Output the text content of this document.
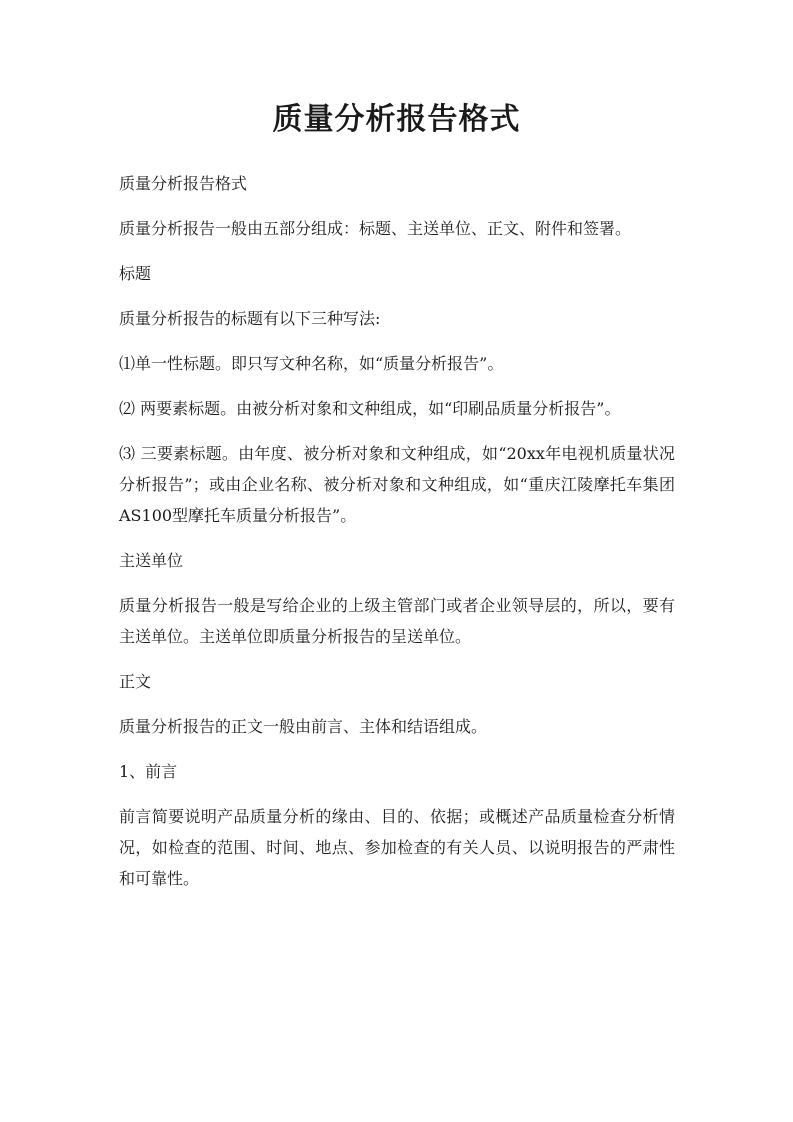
质量分析报告格式

质量分析报告格式

质量分析报告一般由五部分组成：标题、主送单位、正文、附件和签署。

标题

质量分析报告的标题有以下三种写法:

⑴单一性标题。即只写文种名称，如“质量分析报告”。

⑵ 两要素标题。由被分析对象和文种组成，如“印刷品质量分析报告”。

⑶ 三要素标题。由年度、被分析对象和文种组成，如“20xx年电视机质量状况分析报告”；或由企业名称、被分析对象和文种组成，如“重庆江陵摩托车集团AS100型摩托车质量分析报告”。

主送单位

质量分析报告一般是写给企业的上级主管部门或者企业领导层的，所以，要有主送单位。主送单位即质量分析报告的呈送单位。

正文

质量分析报告的正文一般由前言、主体和结语组成。

1、前言

前言简要说明产品质量分析的缘由、目的、依据；或概述产品质量检查分析情况，如检查的范围、时间、地点、参加检查的有关人员、以说明报告的严肃性和可靠性。
